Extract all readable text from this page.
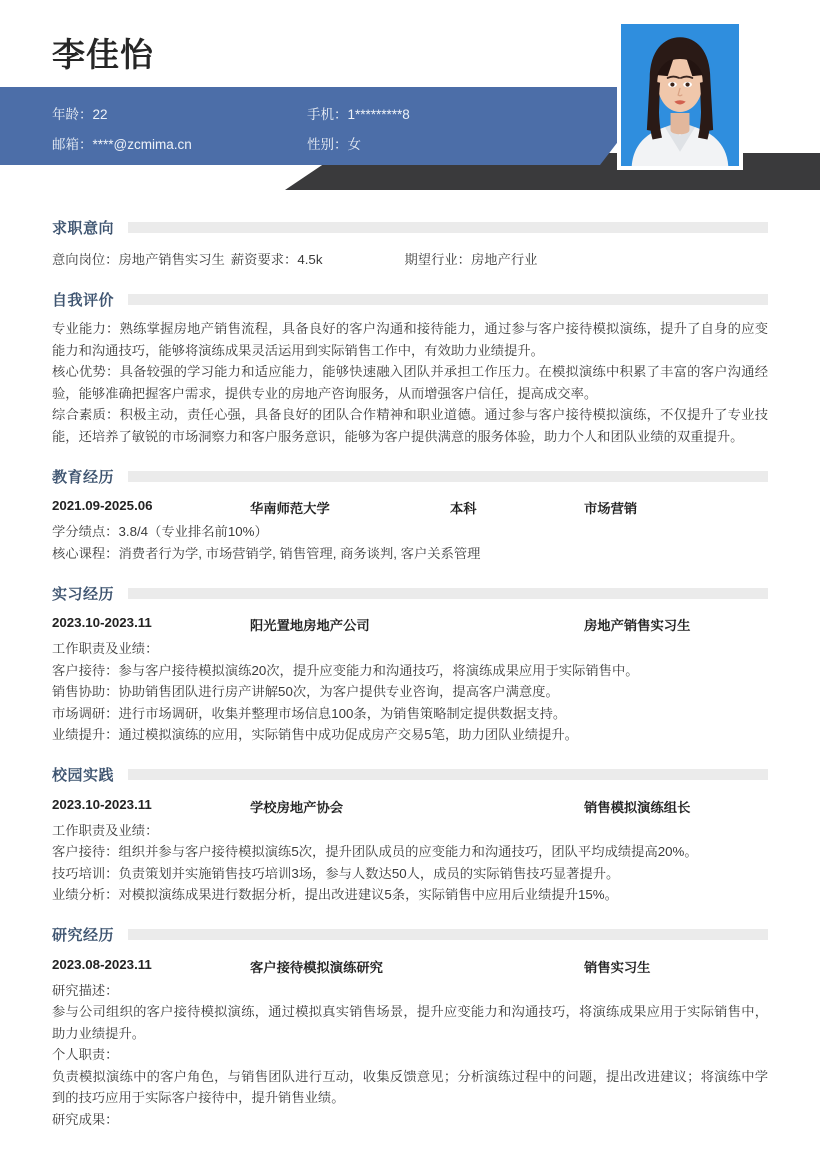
李佳怡
年龄：22	手机：1*********8
邮箱：****@zcmima.cn	性别：女
求职意向
意向岗位：房地产销售实习生 薪资要求：4.5k	期望行业：房地产行业
自我评价
专业能力：熟练掌握房地产销售流程，具备良好的客户沟通和接待能力，通过参与客户接待模拟演练，提升了自身的应变能力和沟通技巧，能够将演练成果灵活运用到实际销售工作中，有效助力业绩提升。
核心优势：具备较强的学习能力和适应能力，能够快速融入团队并承担工作压力。在模拟演练中积累了丰富的客户沟通经验，能够准确把握客户需求，提供专业的房地产咨询服务，从而增强客户信任，提高成交率。
综合素质：积极主动，责任心强，具备良好的团队合作精神和职业道德。通过参与客户接待模拟演练，不仅提升了专业技能，还培养了敏锐的市场洞察力和客户服务意识，能够为客户提供满意的服务体验，助力个人和团队业绩的双重提升。
教育经历
2021.09-2025.06	华南师范大学	本科	市场营销
学分绩点：3.8/4（专业排名前10%）
核心课程：消费者行为学, 市场营销学, 销售管理, 商务谈判, 客户关系管理
实习经历
2023.10-2023.11	阳光置地房地产公司	房地产销售实习生
工作职责及业绩：
客户接待：参与客户接待模拟演练20次，提升应变能力和沟通技巧，将演练成果应用于实际销售中。
销售协助：协助销售团队进行房产讲解50次，为客户提供专业咨询，提高客户满意度。
市场调研：进行市场调研，收集并整理市场信息100条，为销售策略制定提供数据支持。
业绩提升：通过模拟演练的应用，实际销售中成功促成房产交易5笔，助力团队业绩提升。
校园实践
2023.10-2023.11	学校房地产协会	销售模拟演练组长
工作职责及业绩：
客户接待：组织并参与客户接待模拟演练5次，提升团队成员的应变能力和沟通技巧，团队平均成绩提高20%。
技巧培训：负责策划并实施销售技巧培训3场，参与人数达50人，成员的实际销售技巧显著提升。
业绩分析：对模拟演练成果进行数据分析，提出改进建议5条，实际销售中应用后业绩提升15%。
研究经历
2023.08-2023.11	客户接待模拟演练研究	销售实习生
研究描述：
参与公司组织的客户接待模拟演练，通过模拟真实销售场景，提升应变能力和沟通技巧，将演练成果应用于实际销售中，助力业绩提升。
个人职责：
负责模拟演练中的客户角色，与销售团队进行互动，收集反馈意见；分析演练过程中的问题，提出改进建议；将演练中学到的技巧应用于实际客户接待中，提升销售业绩。
研究成果：
